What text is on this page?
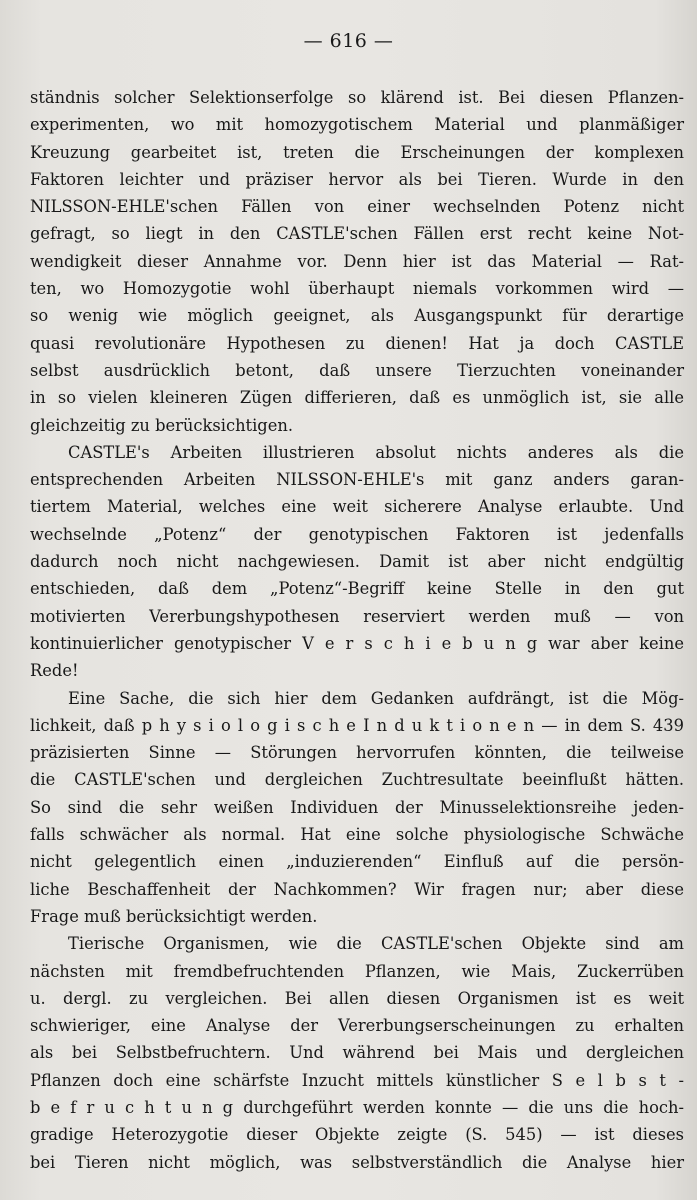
— 616 —
ständnis solcher Selektionserfolge so klärend ist. Bei diesen Pflanzen-
experimenten, wo mit homozygotischem Material und planmäßiger
Kreuzung gearbeitet ist, treten die Erscheinungen der komplexen
Faktoren leichter und präziser hervor als bei Tieren. Wurde in den
NILSSON-EHLE'schen Fällen von einer wechselnden Potenz nicht
gefragt, so liegt in den CASTLE'schen Fällen erst recht keine Not-
wendigkeit dieser Annahme vor. Denn hier ist das Material — Rat-
ten, wo Homozygotie wohl überhaupt niemals vorkommen wird —
so wenig wie möglich geeignet, als Ausgangspunkt für derartige
quasi revolutionäre Hypothesen zu dienen! Hat ja doch CASTLE
selbst ausdrücklich betont, daß unsere Tierzuchten voneinander
in so vielen kleineren Zügen differieren, daß es unmöglich ist, sie alle
gleichzeitig zu berücksichtigen.
CASTLE's Arbeiten illustrieren absolut nichts anderes als die
entsprechenden Arbeiten NILSSON-EHLE's mit ganz anders garan-
tiertem Material, welches eine weit sicherere Analyse erlaubte. Und
wechselnde „Potenz“ der genotypischen Faktoren ist jedenfalls
dadurch noch nicht nachgewiesen. Damit ist aber nicht endgültig
entschieden, daß dem „Potenz“-Begriff keine Stelle in den gut
motivierten Vererbungshypothesen reserviert werden muß — von
kontinuierlicher genotypischer V e r s c h i e b u n g war aber keine
Rede!
Eine Sache, die sich hier dem Gedanken aufdrängt, ist die Mög-
lichkeit, daß p h y s i o l o g i s c h e I n d u k t i o n e n — in dem S. 439
präzisierten Sinne — Störungen hervorrufen könnten, die teilweise
die CASTLE'schen und dergleichen Zuchtresultate beeinflußt hätten.
So sind die sehr weißen Individuen der Minusselektionsreihe jeden-
falls schwächer als normal. Hat eine solche physiologische Schwäche
nicht gelegentlich einen „induzierenden“ Einfluß auf die persön-
liche Beschaffenheit der Nachkommen? Wir fragen nur; aber diese
Frage muß berücksichtigt werden.
Tierische Organismen, wie die CASTLE'schen Objekte sind am
nächsten mit fremdbefruchtenden Pflanzen, wie Mais, Zuckerrüben
u. dergl. zu vergleichen. Bei allen diesen Organismen ist es weit
schwieriger, eine Analyse der Vererbungserscheinungen zu erhalten
als bei Selbstbefruchtern. Und während bei Mais und dergleichen
Pflanzen doch eine schärfste Inzucht mittels künstlicher S e l b s t -
b e f r u c h t u n g durchgeführt werden konnte — die uns die hoch-
gradige Heterozygotie dieser Objekte zeigte (S. 545) — ist dieses
bei Tieren nicht möglich, was selbstverständlich die Analyse hier
